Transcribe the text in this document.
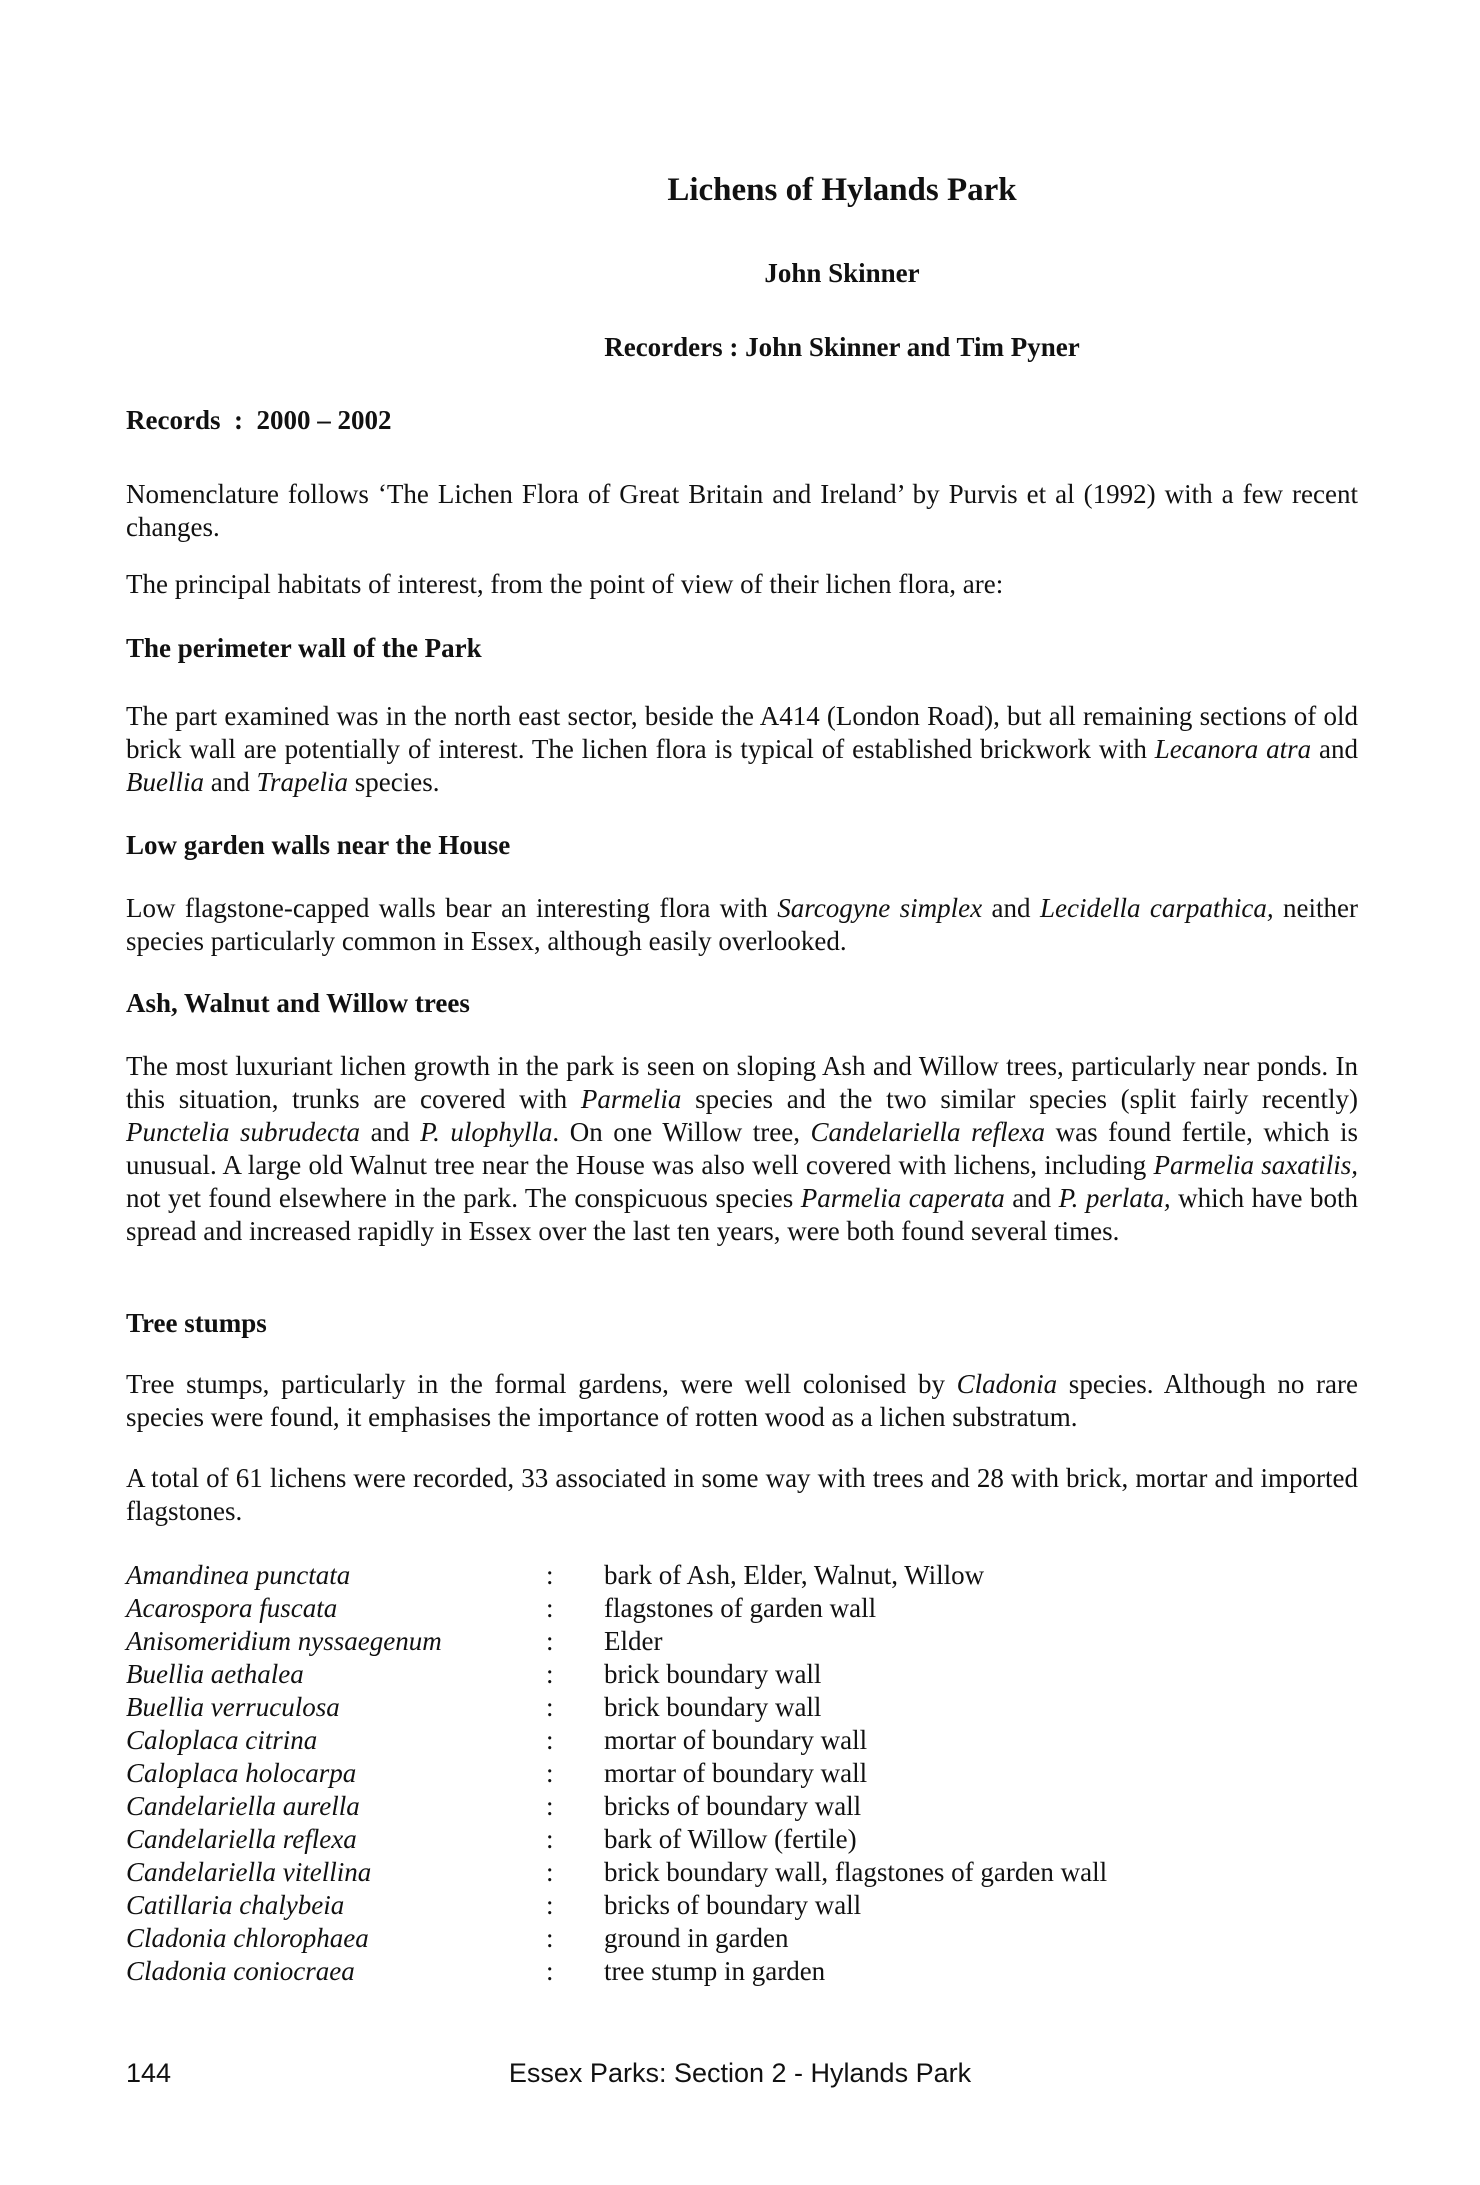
Lichens of Hylands Park
John Skinner
Recorders : John Skinner and Tim Pyner
Records  :  2000 – 2002
Nomenclature follows ‘The Lichen Flora of Great Britain and Ireland’ by Purvis et al (1992) with a few recent changes.
The principal habitats of interest, from the point of view of their lichen flora, are:
The perimeter wall of the Park
The part examined was in the north east sector, beside the A414 (London Road), but all remaining sections of old brick wall are potentially of interest. The lichen flora is typical of established brickwork with Lecanora atra and Buellia and Trapelia species.
Low garden walls near the House
Low flagstone-capped walls bear an interesting flora with Sarcogyne simplex and Lecidella carpathica, neither species particularly common in Essex, although easily overlooked.
Ash, Walnut and Willow trees
The most luxuriant lichen growth in the park is seen on sloping Ash and Willow trees, particularly near ponds. In this situation, trunks are covered with Parmelia species and the two similar species (split fairly recently) Punctelia subrudecta and P. ulophylla. On one Willow tree, Candelariella reflexa was found fertile, which is unusual. A large old Walnut tree near the House was also well covered with lichens, including Parmelia saxatilis, not yet found elsewhere in the park. The conspicuous species Parmelia caperata and P. perlata, which have both spread and increased rapidly in Essex over the last ten years, were both found several times.
Tree stumps
Tree stumps, particularly in the formal gardens, were well colonised by Cladonia species. Although no rare species were found, it emphasises the importance of rotten wood as a lichen substratum.
A total of 61 lichens were recorded, 33 associated in some way with trees and 28 with brick, mortar and imported flagstones.
Amandinea punctata	:	bark of Ash, Elder, Walnut, Willow
Acarospora fuscata	:	flagstones of garden wall
Anisomeridium nyssaegenum	:	Elder
Buellia aethalea	:	brick boundary wall
Buellia verruculosa	:	brick boundary wall
Caloplaca citrina	:	mortar of boundary wall
Caloplaca holocarpa	:	mortar of boundary wall
Candelariella aurella	:	bricks of boundary wall
Candelariella reflexa	:	bark of Willow (fertile)
Candelariella vitellina	:	brick boundary wall, flagstones of garden wall
Catillaria chalybeia	:	bricks of boundary wall
Cladonia chlorophaea	:	ground in garden
Cladonia coniocraea	:	tree stump in garden
144	Essex Parks: Section 2 - Hylands Park
